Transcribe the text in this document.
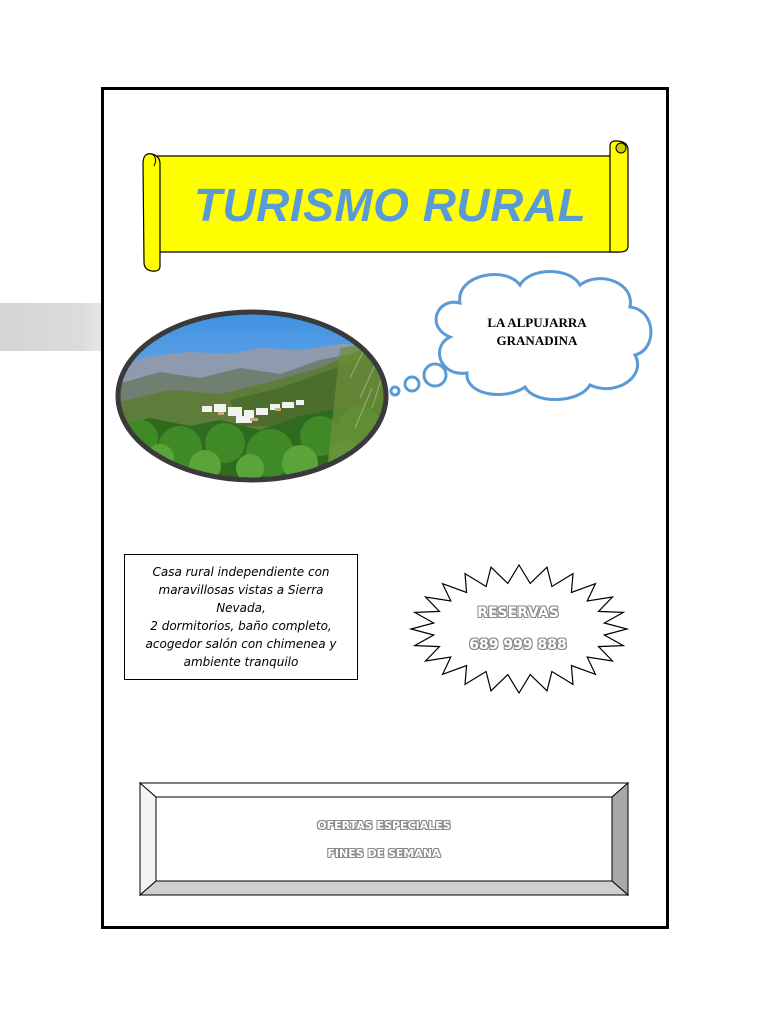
TURISMO RURAL
LA ALPUJARRA
GRANADINA
Casa rural independiente con
maravillosas vistas a Sierra Nevada,
2 dormitorios, baño completo,
acogedor salón con chimenea y
ambiente tranquilo
RESERVAS
689 999 888
OFERTAS ESPECIALES
FINES DE SEMANA
